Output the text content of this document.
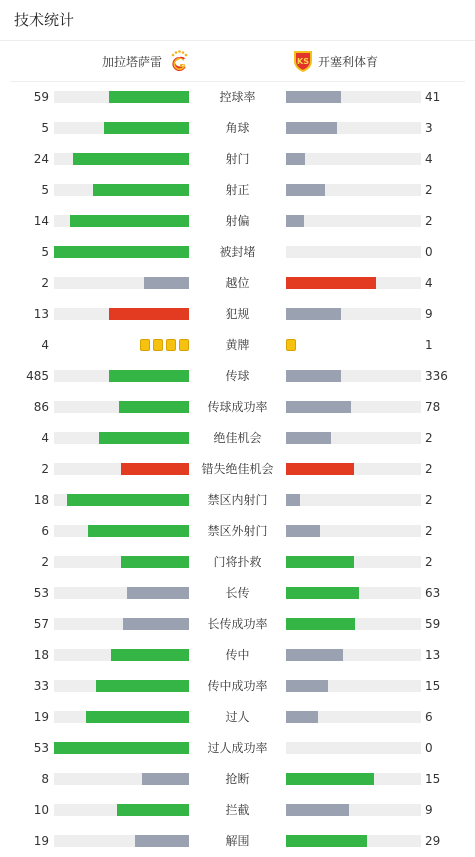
技术统计
加拉塔萨雷	KS 开塞利体育
59	控球率	41
5	角球	3
24	射门	4
5	射正	2
14	射偏	2
5	被封堵	0
2	越位	4
13	犯规	9
4	黄牌	1
485	传球	336
86	传球成功率	78
4	绝佳机会	2
2	错失绝佳机会	2
18	禁区内射门	2
6	禁区外射门	2
2	门将扑救	2
53	长传	63
57	长传成功率	59
18	传中	13
33	传中成功率	15
19	过人	6
53	过人成功率	0
8	抢断	15
10	拦截	9
19	解围	29
